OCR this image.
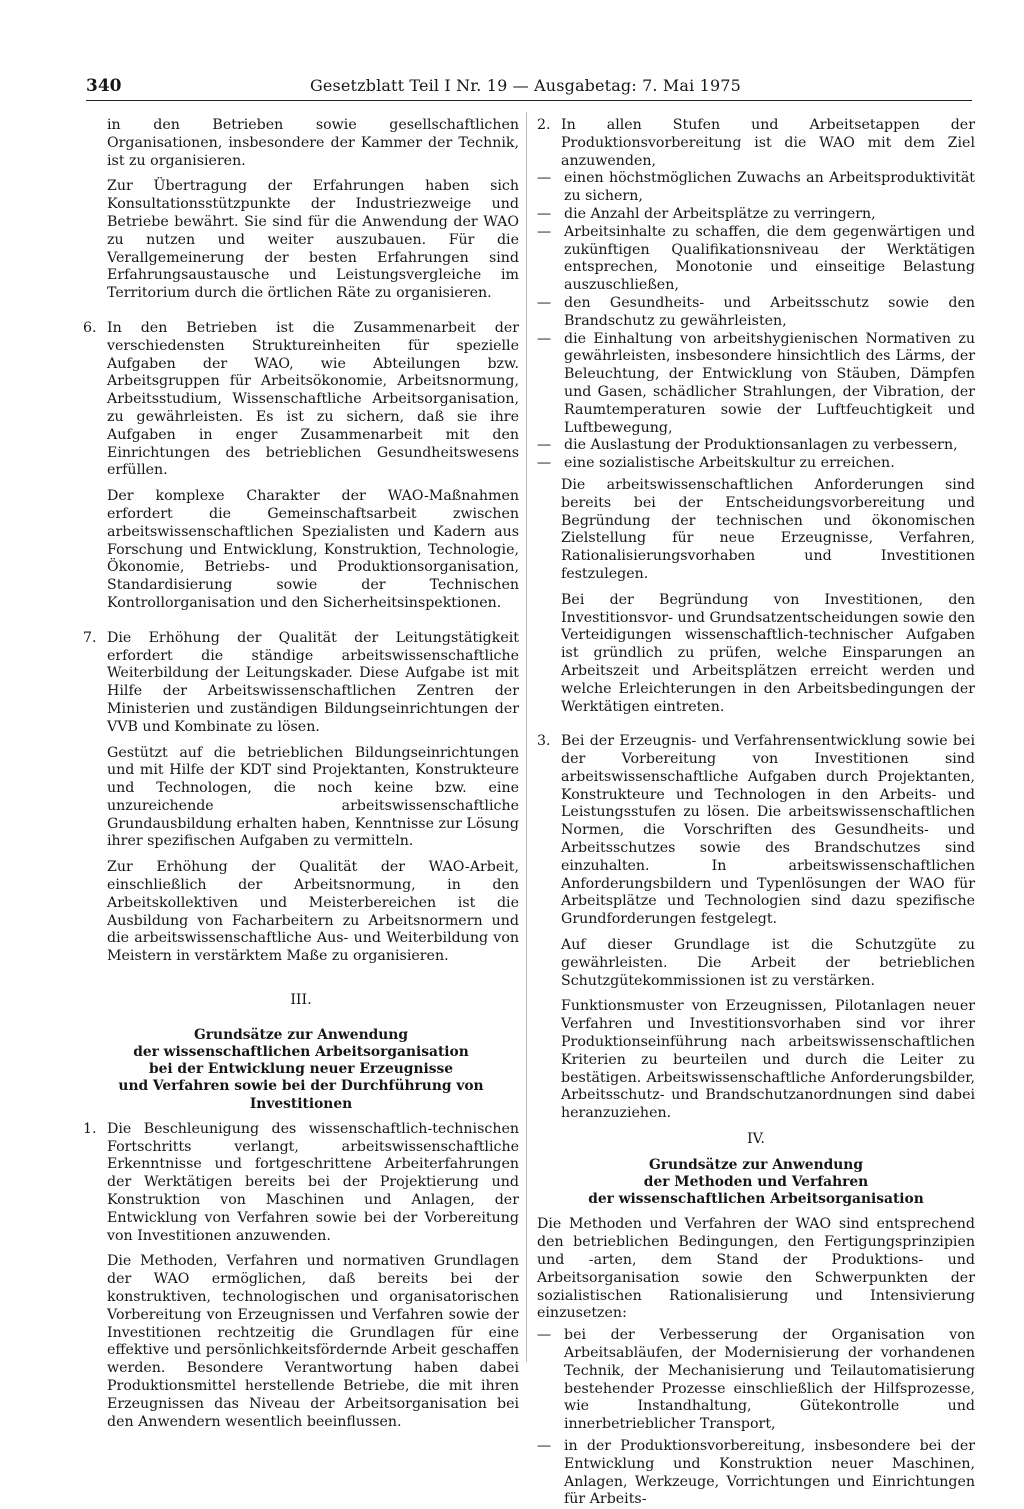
340	Gesetzblatt Teil I Nr. 19 — Ausgabetag: 7. Mai 1975

in den Betrieben sowie gesellschaftlichen Organisationen, insbesondere der Kammer der Technik, ist zu organisieren.

Zur Übertragung der Erfahrungen haben sich Konsultationsstützpunkte der Industriezweige und Betriebe bewährt. Sie sind für die Anwendung der WAO zu nutzen und weiter auszubauen. Für die Verallgemeinerung der besten Erfahrungen sind Erfahrungsaustausche und Leistungsvergleiche im Territorium durch die örtlichen Räte zu organisieren.

6. In den Betrieben ist die Zusammenarbeit der verschiedensten Struktureinheiten für spezielle Aufgaben der WAO, wie Abteilungen bzw. Arbeitsgruppen für Arbeitsökonomie, Arbeitsnormung, Arbeitsstudium, Wissenschaftliche Arbeitsorganisation, zu gewährleisten. Es ist zu sichern, daß sie ihre Aufgaben in enger Zusammenarbeit mit den Einrichtungen des betrieblichen Gesundheitswesens erfüllen.

Der komplexe Charakter der WAO-Maßnahmen erfordert die Gemeinschaftsarbeit zwischen arbeitswissenschaftlichen Spezialisten und Kadern aus Forschung und Entwicklung, Konstruktion, Technologie, Ökonomie, Betriebs- und Produktionsorganisation, Standardisierung sowie der Technischen Kontrollorganisation und den Sicherheitsinspektionen.

7. Die Erhöhung der Qualität der Leitungstätigkeit erfordert die ständige arbeitswissenschaftliche Weiterbildung der Leitungskader. Diese Aufgabe ist mit Hilfe der Arbeitswissenschaftlichen Zentren der Ministerien und zuständigen Bildungseinrichtungen der VVB und Kombinate zu lösen.

Gestützt auf die betrieblichen Bildungseinrichtungen und mit Hilfe der KDT sind Projektanten, Konstrukteure und Technologen, die noch keine bzw. eine unzureichende arbeitswissenschaftliche Grundausbildung erhalten haben, Kenntnisse zur Lösung ihrer spezifischen Aufgaben zu vermitteln.

Zur Erhöhung der Qualität der WAO-Arbeit, einschließlich der Arbeitsnormung, in den Arbeitskollektiven und Meisterbereichen ist die Ausbildung von Facharbeitern zu Arbeitsnormern und die arbeitswissenschaftliche Aus- und Weiterbildung von Meistern in verstärktem Maße zu organisieren.

III.
Grundsätze zur Anwendung
der wissenschaftlichen Arbeitsorganisation
bei der Entwicklung neuer Erzeugnisse
und Verfahren sowie bei der Durchführung von Investitionen
1. Die Beschleunigung des wissenschaftlich-technischen Fortschritts verlangt, arbeitswissenschaftliche Erkenntnisse und fortgeschrittene Arbeiterfahrungen der Werktätigen bereits bei der Projektierung und Konstruktion von Maschinen und Anlagen, der Entwicklung von Verfahren sowie bei der Vorbereitung von Investitionen anzuwenden.

Die Methoden, Verfahren und normativen Grundlagen der WAO ermöglichen, daß bereits bei der konstruktiven, technologischen und organisatorischen Vorbereitung von Erzeugnissen und Verfahren sowie der Investitionen rechtzeitig die Grundlagen für eine effektive und persönlichkeitsfördernde Arbeit geschaffen werden. Besondere Verantwortung haben dabei Produktionsmittel herstellende Betriebe, die mit ihren Erzeugnissen das Niveau der Arbeitsorganisation bei den Anwendern wesentlich beeinflussen.

2. In allen Stufen und Arbeitsetappen der Produktionsvorbereitung ist die WAO mit dem Ziel anzuwenden,
— einen höchstmöglichen Zuwachs an Arbeitsproduktivität zu sichern,
— die Anzahl der Arbeitsplätze zu verringern,
— Arbeitsinhalte zu schaffen, die dem gegenwärtigen und zukünftigen Qualifikationsniveau der Werktätigen entsprechen, Monotonie und einseitige Belastung auszuschließen,
— den Gesundheits- und Arbeitsschutz sowie den Brandschutz zu gewährleisten,
— die Einhaltung von arbeitshygienischen Normativen zu gewährleisten, insbesondere hinsichtlich des Lärms, der Beleuchtung, der Entwicklung von Stäuben, Dämpfen und Gasen, schädlicher Strahlungen, der Vibration, der Raumtemperaturen sowie der Luftfeuchtigkeit und Luftbewegung,
— die Auslastung der Produktionsanlagen zu verbessern,
— eine sozialistische Arbeitskultur zu erreichen.

Die arbeitswissenschaftlichen Anforderungen sind bereits bei der Entscheidungsvorbereitung und Begründung der technischen und ökonomischen Zielstellung für neue Erzeugnisse, Verfahren, Rationalisierungsvorhaben und Investitionen festzulegen.

Bei der Begründung von Investitionen, den Investitionsvor- und Grundsatzentscheidungen sowie den Verteidigungen wissenschaftlich-technischer Aufgaben ist gründlich zu prüfen, welche Einsparungen an Arbeitszeit und Arbeitsplätzen erreicht werden und welche Erleichterungen in den Arbeitsbedingungen der Werktätigen eintreten.

3. Bei der Erzeugnis- und Verfahrensentwicklung sowie bei der Vorbereitung von Investitionen sind arbeitswissenschaftliche Aufgaben durch Projektanten, Konstrukteure und Technologen in den Arbeits- und Leistungsstufen zu lösen. Die arbeitswissenschaftlichen Normen, die Vorschriften des Gesundheits- und Arbeitsschutzes sowie des Brandschutzes sind einzuhalten. In arbeitswissenschaftlichen Anforderungsbildern und Typenlösungen der WAO für Arbeitsplätze und Technologien sind dazu spezifische Grundforderungen festgelegt.

Auf dieser Grundlage ist die Schutzgüte zu gewährleisten. Die Arbeit der betrieblichen Schutzgütekommissionen ist zu verstärken.

Funktionsmuster von Erzeugnissen, Pilotanlagen neuer Verfahren und Investitionsvorhaben sind vor ihrer Produktionseinführung nach arbeitswissenschaftlichen Kriterien zu beurteilen und durch die Leiter zu bestätigen. Arbeitswissenschaftliche Anforderungsbilder, Arbeitsschutz- und Brandschutzanordnungen sind dabei heranzuziehen.

IV.
Grundsätze zur Anwendung
der Methoden und Verfahren
der wissenschaftlichen Arbeitsorganisation

Die Methoden und Verfahren der WAO sind entsprechend den betrieblichen Bedingungen, den Fertigungsprinzipien und -arten, dem Stand der Produktions- und Arbeitsorganisation sowie den Schwerpunkten der sozialistischen Rationalisierung und Intensivierung einzusetzen:

— bei der Verbesserung der Organisation von Arbeitsabläufen, der Modernisierung der vorhandenen Technik, der Mechanisierung und Teilautomatisierung bestehender Prozesse einschließlich der Hilfsprozesse, wie Instandhaltung, Gütekontrolle und innerbetrieblicher Transport,
— in der Produktionsvorbereitung, insbesondere bei der Entwicklung und Konstruktion neuer Maschinen, Anlagen, Werkzeuge, Vorrichtungen und Einrichtungen für Arbeits-
